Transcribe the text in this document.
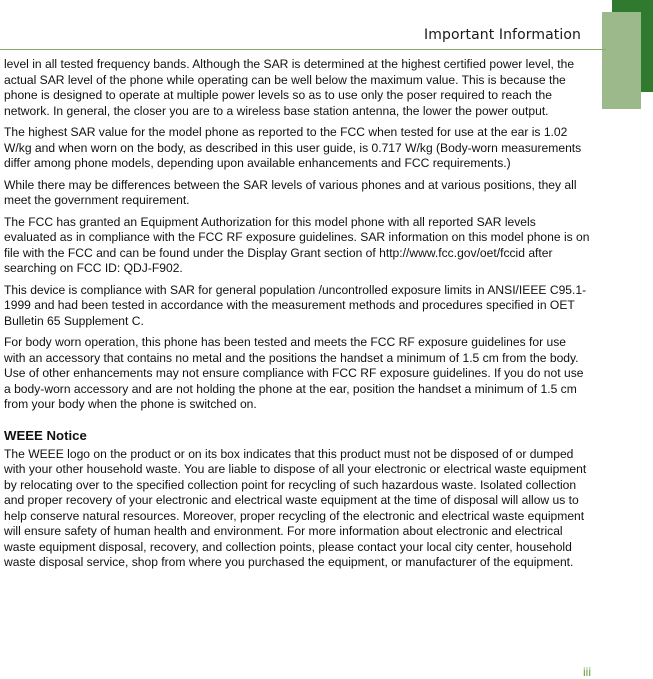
Important Information

level in all tested frequency bands. Although the SAR is determined at the highest certified power level, the actual SAR level of the phone while operating can be well below the maximum value. This is because the phone is designed to operate at multiple power levels so as to use only the poser required to reach the network. In general, the closer you are to a wireless base station antenna, the lower the power output.

The highest SAR value for the model phone as reported to the FCC when tested for use at the ear is 1.02 W/kg and when worn on the body, as described in this user guide, is 0.717 W/kg (Body-worn measurements differ among phone models, depending upon available enhancements and FCC requirements.)

While there may be differences between the SAR levels of various phones and at various positions, they all meet the government requirement.

The FCC has granted an Equipment Authorization for this model phone with all reported SAR levels evaluated as in compliance with the FCC RF exposure guidelines. SAR information on this model phone is on file with the FCC and can be found under the Display Grant section of http://www.fcc.gov/oet/fccid after searching on FCC ID: QDJ-F902.

This device is compliance with SAR for general population /uncontrolled exposure limits in ANSI/IEEE C95.1-1999 and had been tested in accordance with the measurement methods and procedures specified in OET Bulletin 65 Supplement C.

For body worn operation, this phone has been tested and meets the FCC RF exposure guidelines for use with an accessory that contains no metal and the positions the handset a minimum of 1.5 cm from the body. Use of other enhancements may not ensure compliance with FCC RF exposure guidelines. If you do not use a body-worn accessory and are not holding the phone at the ear, position the handset a minimum of 1.5 cm from your body when the phone is switched on.

WEEE Notice

The WEEE logo on the product or on its box indicates that this product must not be disposed of or dumped with your other household waste. You are liable to dispose of all your electronic or electrical waste equipment by relocating over to the specified collection point for recycling of such hazardous waste. Isolated collection and proper recovery of your electronic and electrical waste equipment at the time of disposal will allow us to help conserve natural resources. Moreover, proper recycling of the electronic and electrical waste equipment will ensure safety of human health and environment. For more information about electronic and electrical waste equipment disposal, recovery, and collection points, please contact your local city center, household waste disposal service, shop from where you purchased the equipment, or manufacturer of the equipment.

iii
